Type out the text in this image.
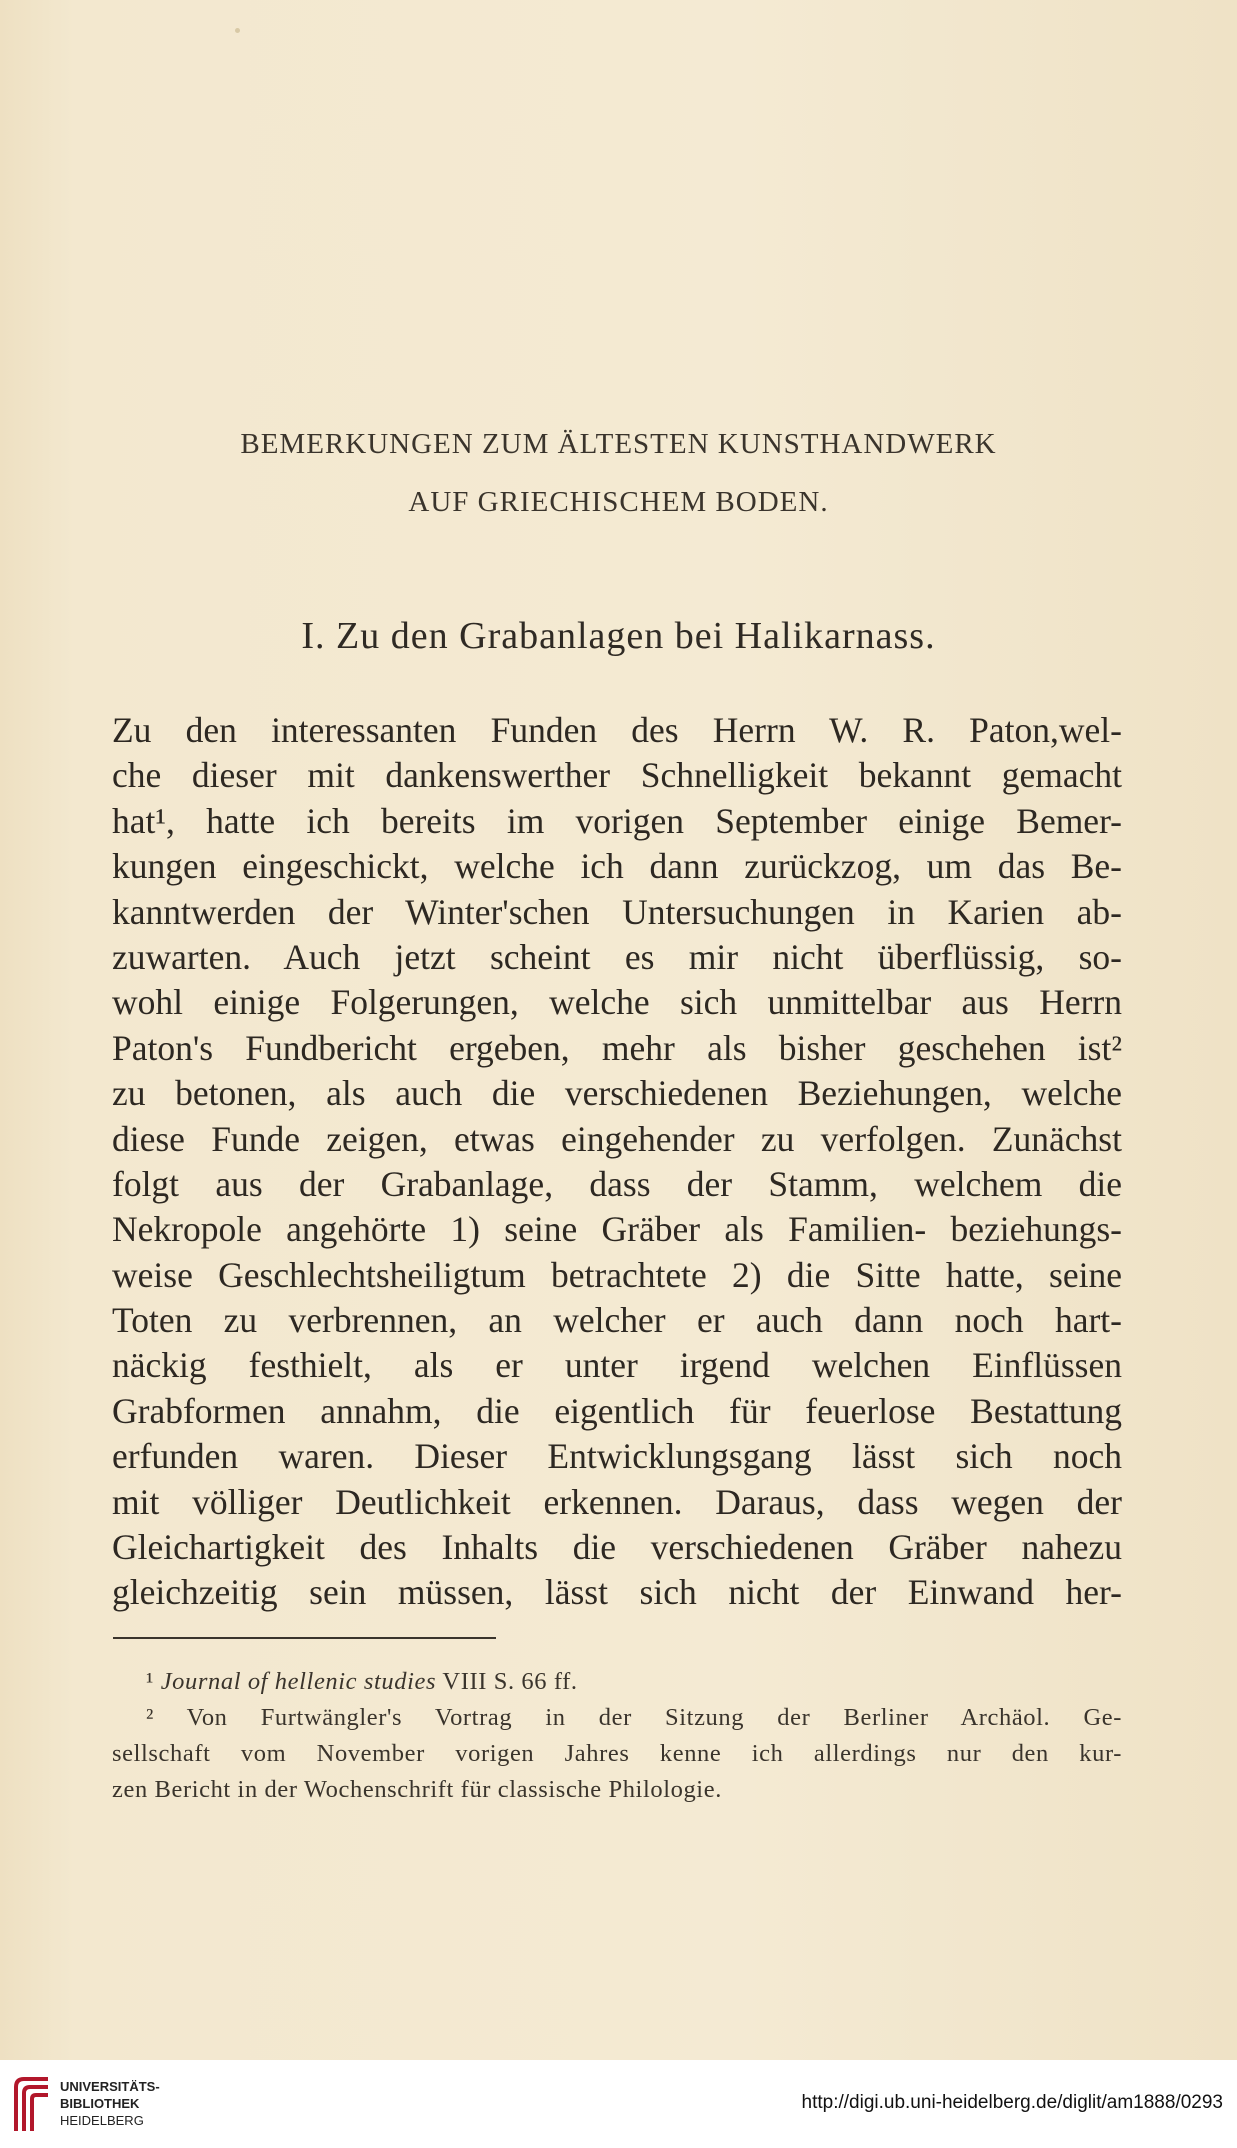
BEMERKUNGEN ZUM ÄLTESTEN KUNSTHANDWERK
AUF GRIECHISCHEM BODEN.
I. Zu den Grabanlagen bei Halikarnass.
Zu den interessanten Funden des Herrn W. R. Paton,wel-
che dieser mit dankenswerther Schnelligkeit bekannt gemacht
hat¹, hatte ich bereits im vorigen September einige Bemer-
kungen eingeschickt, welche ich dann zurückzog, um das Be-
kanntwerden der Winter'schen Untersuchungen in Karien ab-
zuwarten. Auch jetzt scheint es mir nicht überflüssig, so-
wohl einige Folgerungen, welche sich unmittelbar aus Herrn
Paton's Fundbericht ergeben, mehr als bisher geschehen ist²
zu betonen, als auch die verschiedenen Beziehungen, welche
diese Funde zeigen, etwas eingehender zu verfolgen. Zunächst
folgt aus der Grabanlage, dass der Stamm, welchem die
Nekropole angehörte 1) seine Gräber als Familien- beziehungs-
weise Geschlechtsheiligtum betrachtete 2) die Sitte hatte, seine
Toten zu verbrennen, an welcher er auch dann noch hart-
näckig festhielt, als er unter irgend welchen Einflüssen
Grabformen annahm, die eigentlich für feuerlose Bestattung
erfunden waren. Dieser Entwicklungsgang lässt sich noch
mit völliger Deutlichkeit erkennen. Daraus, dass wegen der
Gleichartigkeit des Inhalts die verschiedenen Gräber nahezu
gleichzeitig sein müssen, lässt sich nicht der Einwand her-
¹ Journal of hellenic studies VIII S. 66 ff.
² Von Furtwängler's Vortrag in der Sitzung der Berliner Archäol. Ge-
sellschaft vom November vorigen Jahres kenne ich allerdings nur den kur-
zen Bericht in der Wochenschrift für classische Philologie.
UNIVERSITÄTS-
BIBLIOTHEK
HEIDELBERG
http://digi.ub.uni-heidelberg.de/diglit/am1888/0293
